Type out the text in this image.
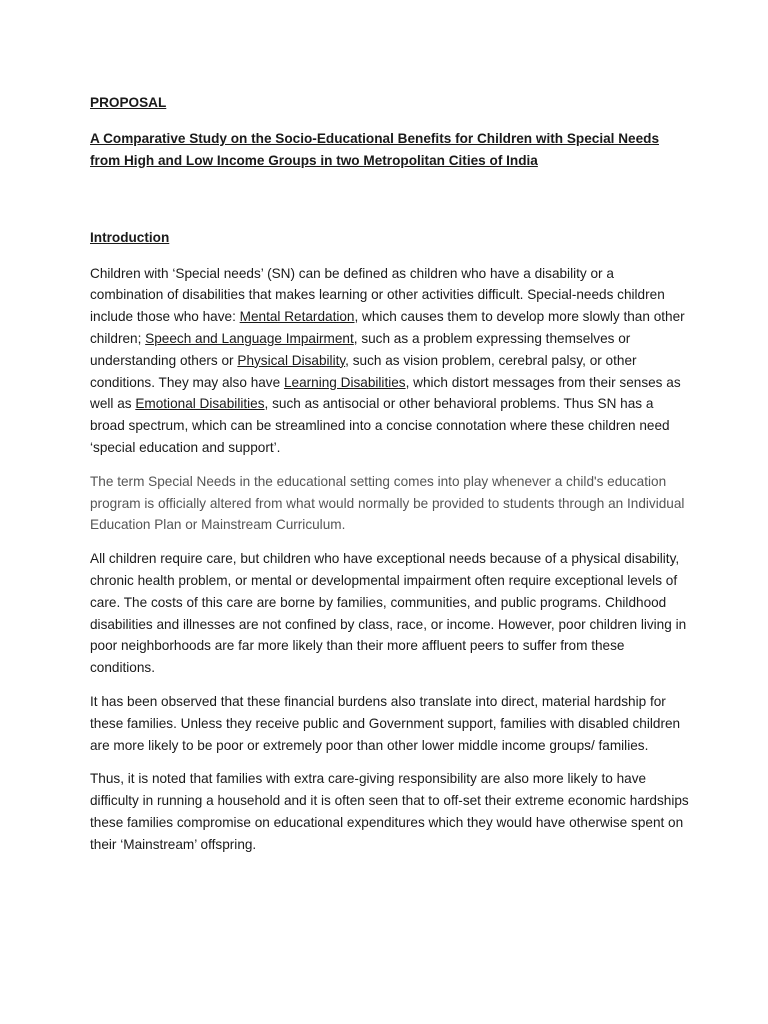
PROPOSAL

A Comparative Study on the Socio-Educational Benefits for Children with Special Needs from High and Low Income Groups in two Metropolitan Cities of India

Introduction

Children with ‘Special needs’ (SN) can be defined as children who have a disability or a combination of disabilities that makes learning or other activities difficult. Special-needs children include those who have: Mental Retardation, which causes them to develop more slowly than other children; Speech and Language Impairment, such as a problem expressing themselves or understanding others or Physical Disability, such as vision problem, cerebral palsy, or other conditions. They may also have Learning Disabilities, which distort messages from their senses as well as Emotional Disabilities, such as antisocial or other behavioral problems. Thus SN has a broad spectrum, which can be streamlined into a concise connotation where these children need ‘special education and support’.

The term Special Needs in the educational setting comes into play whenever a child's education program is officially altered from what would normally be provided to students through an Individual Education Plan or Mainstream Curriculum.

All children require care, but children who have exceptional needs because of a physical disability, chronic health problem, or mental or developmental impairment often require exceptional levels of care. The costs of this care are borne by families, communities, and public programs. Childhood disabilities and illnesses are not confined by class, race, or income. However, poor children living in poor neighborhoods are far more likely than their more affluent peers to suffer from these conditions.

It has been observed that these financial burdens also translate into direct, material hardship for these families. Unless they receive public and Government support, families with disabled children are more likely to be poor or extremely poor than other lower middle income groups/ families.

Thus, it is noted that families with extra care-giving responsibility are also more likely to have difficulty in running a household and it is often seen that to off-set their extreme economic hardships these families compromise on educational expenditures which they would have otherwise spent on their ‘Mainstream’ offspring.
